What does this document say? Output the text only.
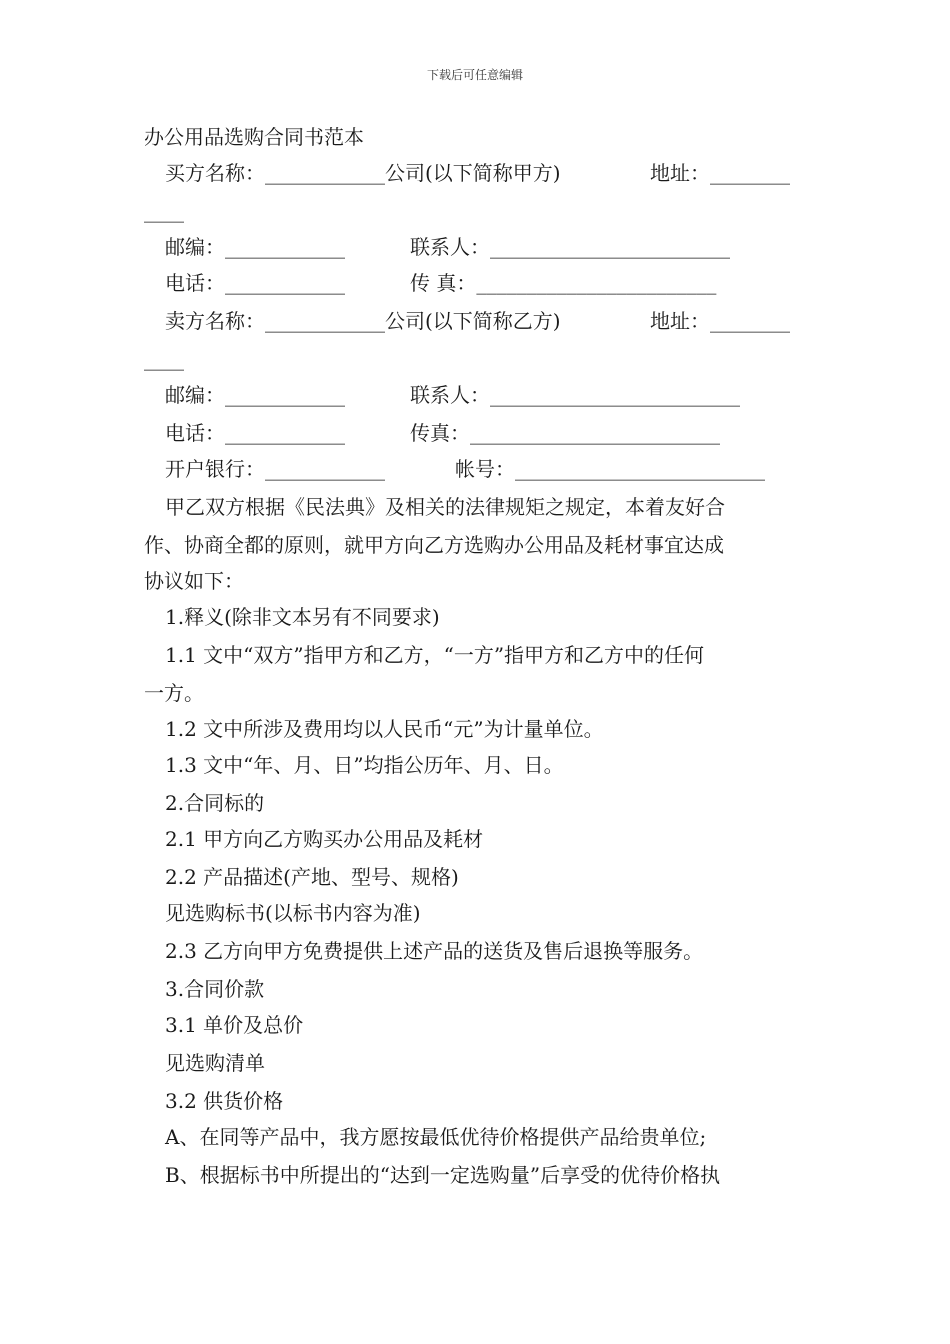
下载后可任意编辑
办公用品选购合同书范本
买方名称：____________公司(以下简称甲方)	地址：________
____
邮编：____________	联系人：________________________
电话：____________	传 真：________________________
卖方名称：____________公司(以下简称乙方)	地址：________
____
邮编：____________	联系人：_________________________
电话：____________	传真：_________________________
开户银行：____________	帐号：_________________________
甲乙双方根据《民法典》及相关的法律规矩之规定，本着友好合
作、协商全都的原则，就甲方向乙方选购办公用品及耗材事宜达成
协议如下：
1.释义(除非文本另有不同要求)
1.1 文中“双方”指甲方和乙方，“一方”指甲方和乙方中的任何
一方。
1.2 文中所涉及费用均以人民币“元”为计量单位。
1.3 文中“年、月、日”均指公历年、月、日。
2.合同标的
2.1 甲方向乙方购买办公用品及耗材
2.2 产品描述(产地、型号、规格)
见选购标书(以标书内容为准)
2.3 乙方向甲方免费提供上述产品的送货及售后退换等服务。
3.合同价款
3.1 单价及总价
见选购清单
3.2 供货价格
A、在同等产品中，我方愿按最低优待价格提供产品给贵单位;
B、根据标书中所提出的“达到一定选购量”后享受的优待价格执
